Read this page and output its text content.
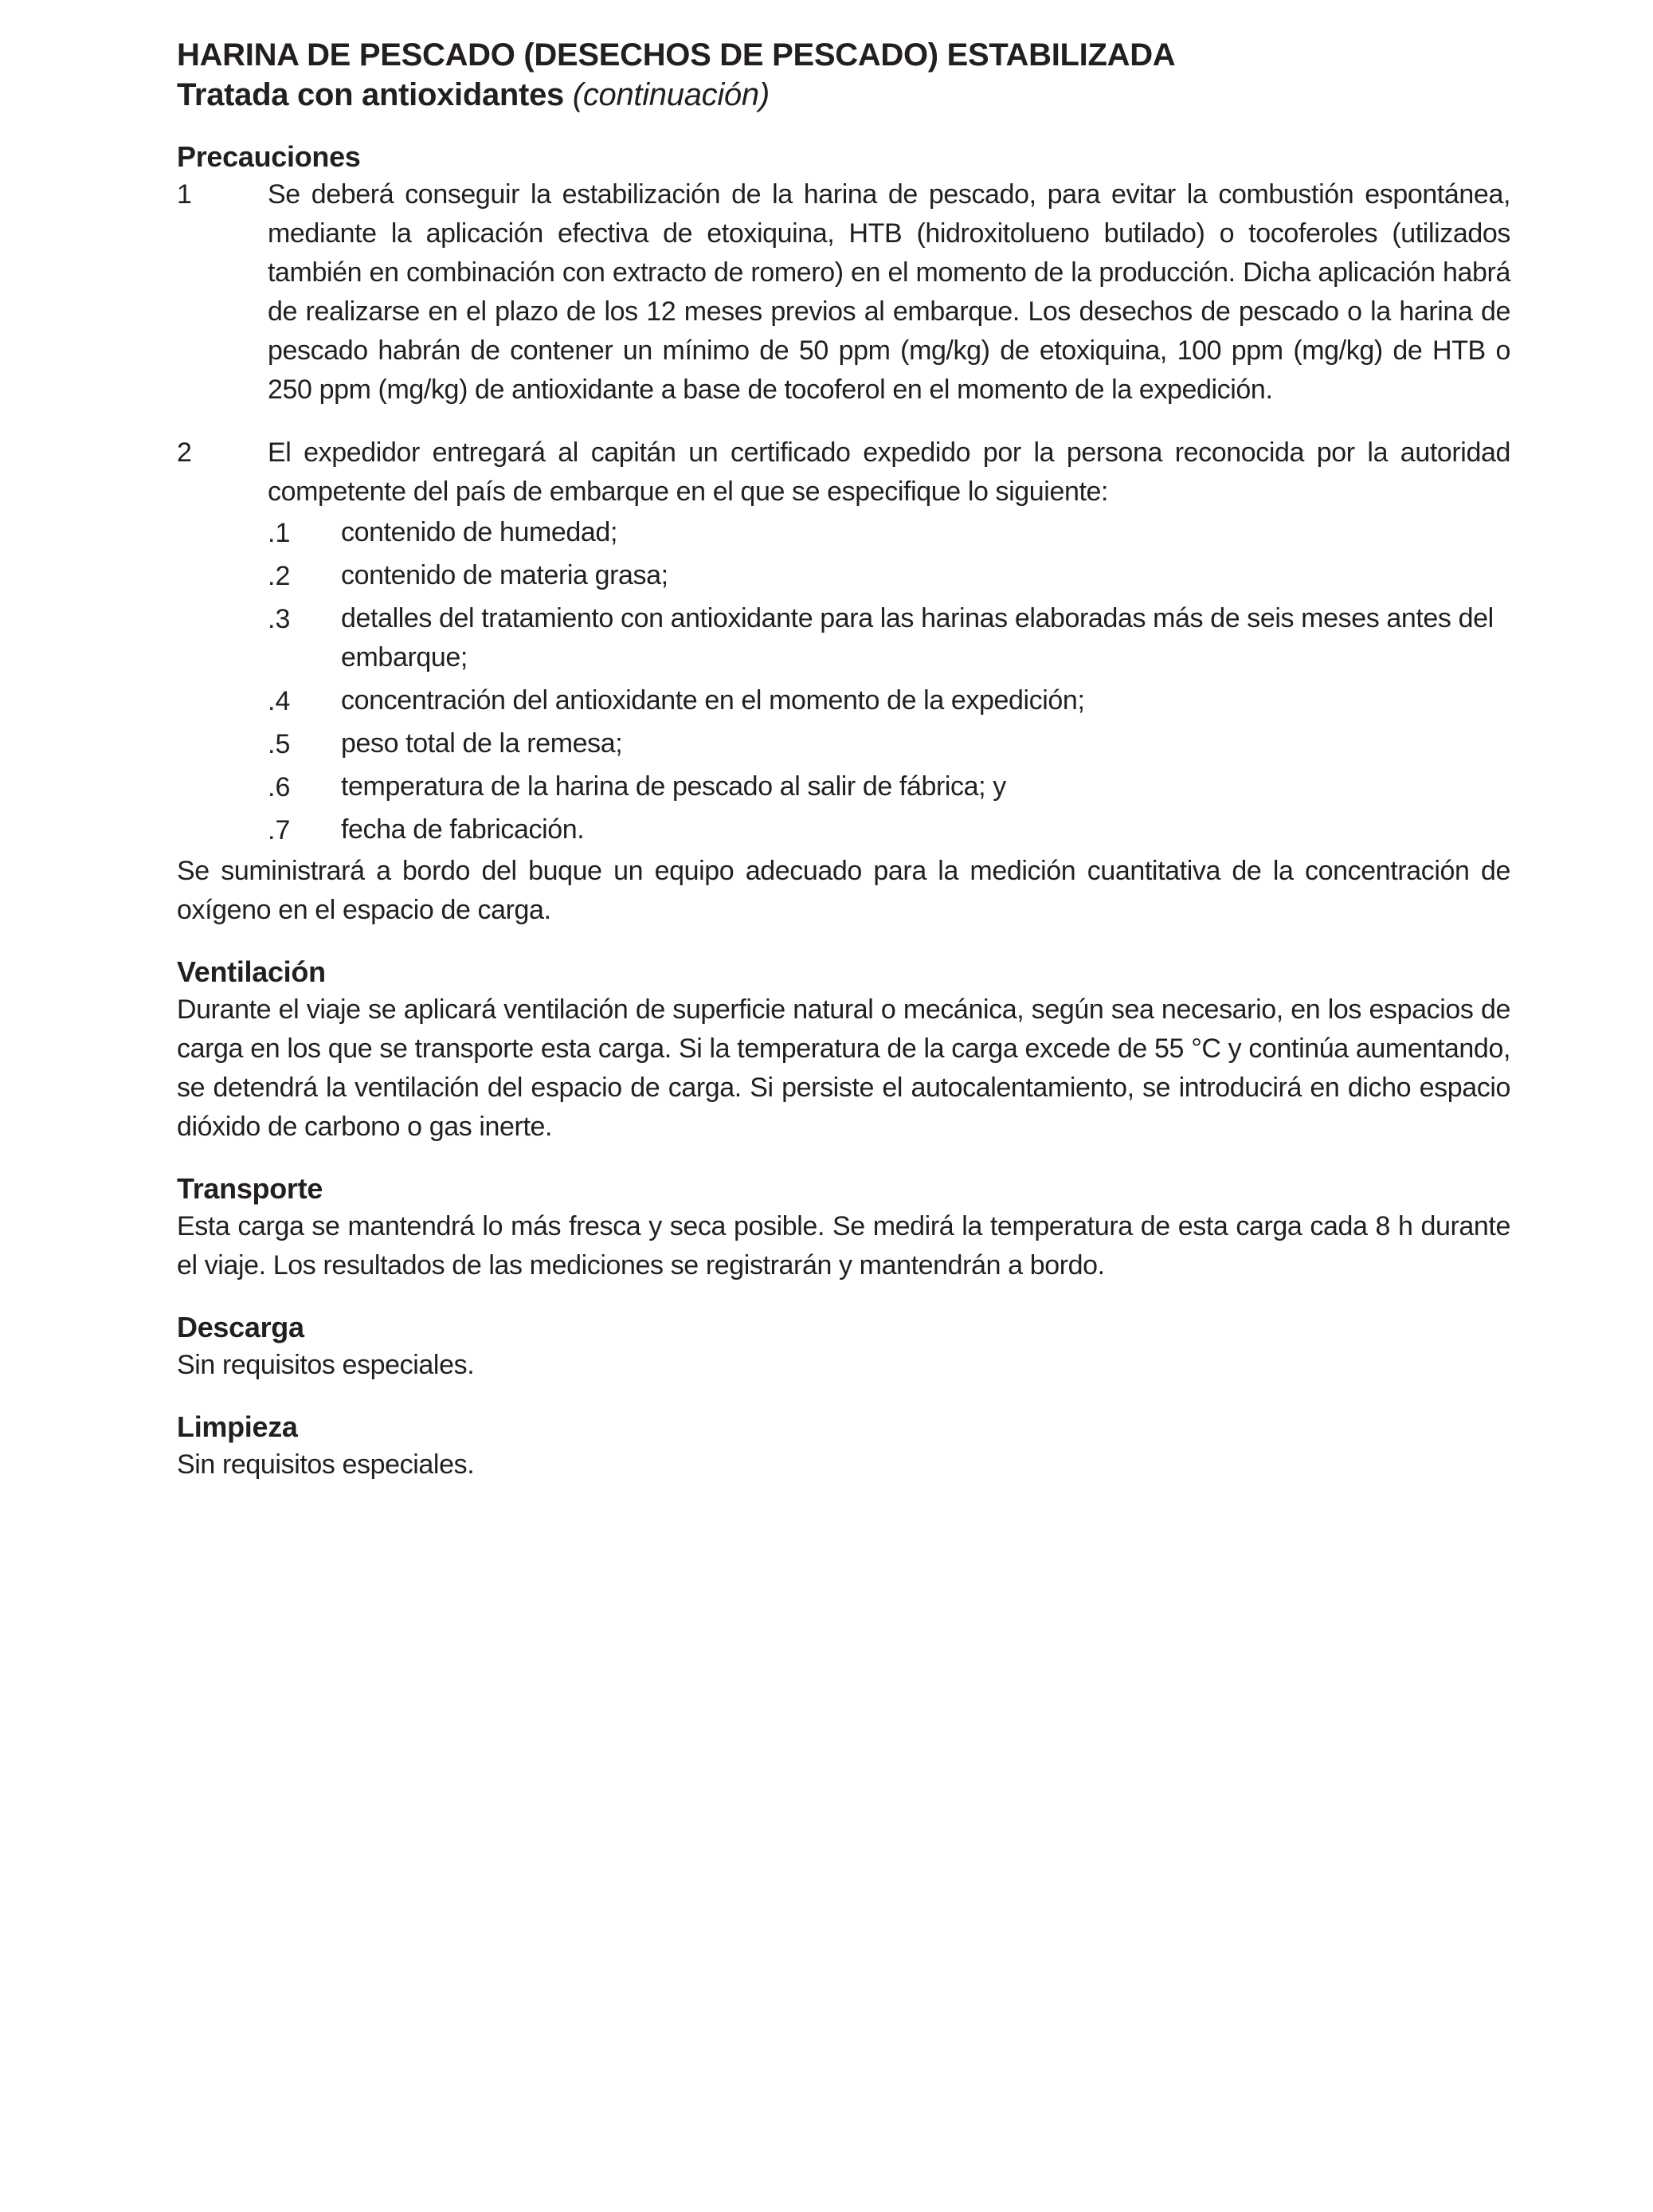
HARINA DE PESCADO (DESECHOS DE PESCADO) ESTABILIZADA
Tratada con antioxidantes (continuación)
Precauciones
1	Se deberá conseguir la estabilización de la harina de pescado, para evitar la combustión espontánea, mediante la aplicación efectiva de etoxiquina, HTB (hidroxitolueno butilado) o tocoferoles (utilizados también en combinación con extracto de romero) en el momento de la producción. Dicha aplicación habrá de realizarse en el plazo de los 12 meses previos al embarque. Los desechos de pescado o la harina de pescado habrán de contener un mínimo de 50 ppm (mg/kg) de etoxiquina, 100 ppm (mg/kg) de HTB o 250 ppm (mg/kg) de antioxidante a base de tocoferol en el momento de la expedición.

2	El expedidor entregará al capitán un certificado expedido por la persona reconocida por la autoridad competente del país de embarque en el que se especifique lo siguiente:

.1	contenido de humedad;
.2	contenido de materia grasa;
.3	detalles del tratamiento con antioxidante para las harinas elaboradas más de seis meses antes del embarque;
.4	concentración del antioxidante en el momento de la expedición;
.5	peso total de la remesa;
.6	temperatura de la harina de pescado al salir de fábrica; y
.7	fecha de fabricación.

Se suministrará a bordo del buque un equipo adecuado para la medición cuantitativa de la concentración de oxígeno en el espacio de carga.

Ventilación

Durante el viaje se aplicará ventilación de superficie natural o mecánica, según sea necesario, en los espacios de carga en los que se transporte esta carga. Si la temperatura de la carga excede de 55 °C y continúa aumentando, se detendrá la ventilación del espacio de carga. Si persiste el autocalentamiento, se introducirá en dicho espacio dióxido de carbono o gas inerte.

Transporte

Esta carga se mantendrá lo más fresca y seca posible. Se medirá la temperatura de esta carga cada 8 h durante el viaje. Los resultados de las mediciones se registrarán y mantendrán a bordo.

Descarga

Sin requisitos especiales.

Limpieza

Sin requisitos especiales.
